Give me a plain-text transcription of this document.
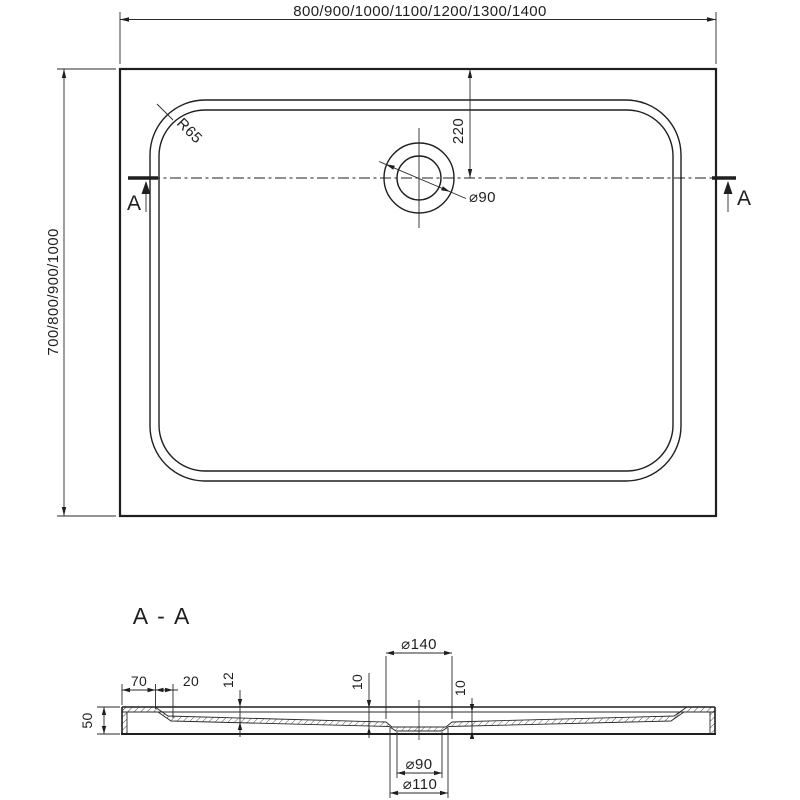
800/900/1000/1100/1200/1300/1400
700/800/900/1000
220
⌀90
R65
A	A
A - A
50
70	20 12	10	10
⌀140
⌀90
⌀110
